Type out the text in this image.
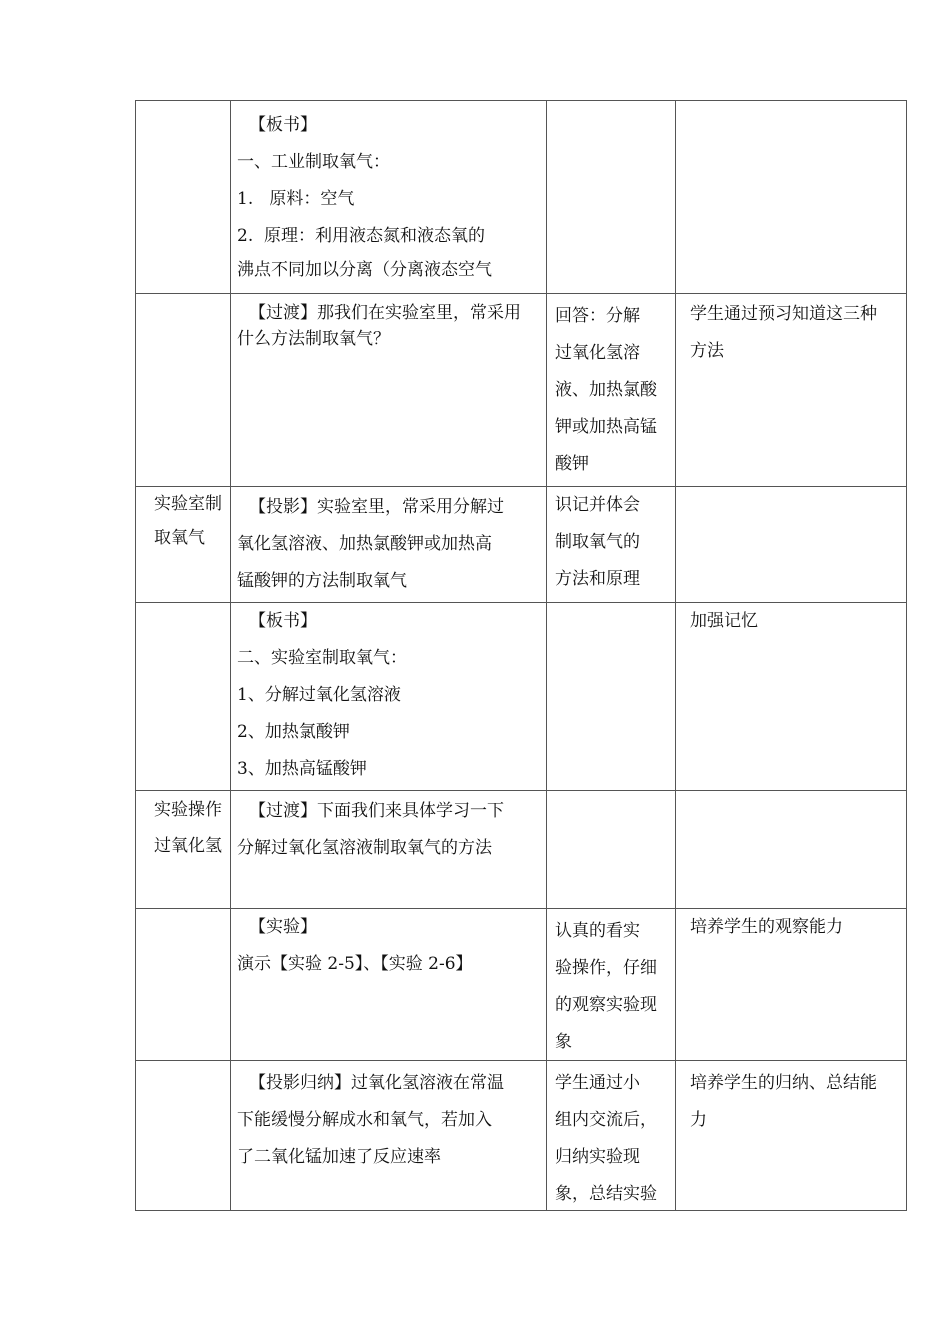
	【板书】
一、工业制取氧气：
1.   原料：空气
2.  原理：利用液态氮和液态氧的
沸点不同加以分离（分离液态空气		

	【过渡】那我们在实验室里，常采用
什么方法制取氧气？	回答：分解
过氧化氢溶
液、加热氯酸
钾或加热高锰
酸钾	学生通过预习知道这三种
方法

实验室制
取氧气	【投影】实验室里，常采用分解过
氧化氢溶液、加热氯酸钾或加热高
锰酸钾的方法制取氧气	识记并体会
制取氧气的
方法和原理	

	【板书】
二、实验室制取氧气：
1、分解过氧化氢溶液
2、加热氯酸钾
3、加热高锰酸钾		加强记忆

实验操作
过氧化氢	【过渡】下面我们来具体学习一下
分解过氧化氢溶液制取氧气的方法		

	【实验】
演示【实验 2-5】、【实验 2-6】	认真的看实
验操作，仔细
的观察实验现
象	培养学生的观察能力

	【投影归纳】过氧化氢溶液在常温
下能缓慢分解成水和氧气，若加入
了二氧化锰加速了反应速率	学生通过小
组内交流后，
归纳实验现
象，总结实验	培养学生的归纳、总结能
力
